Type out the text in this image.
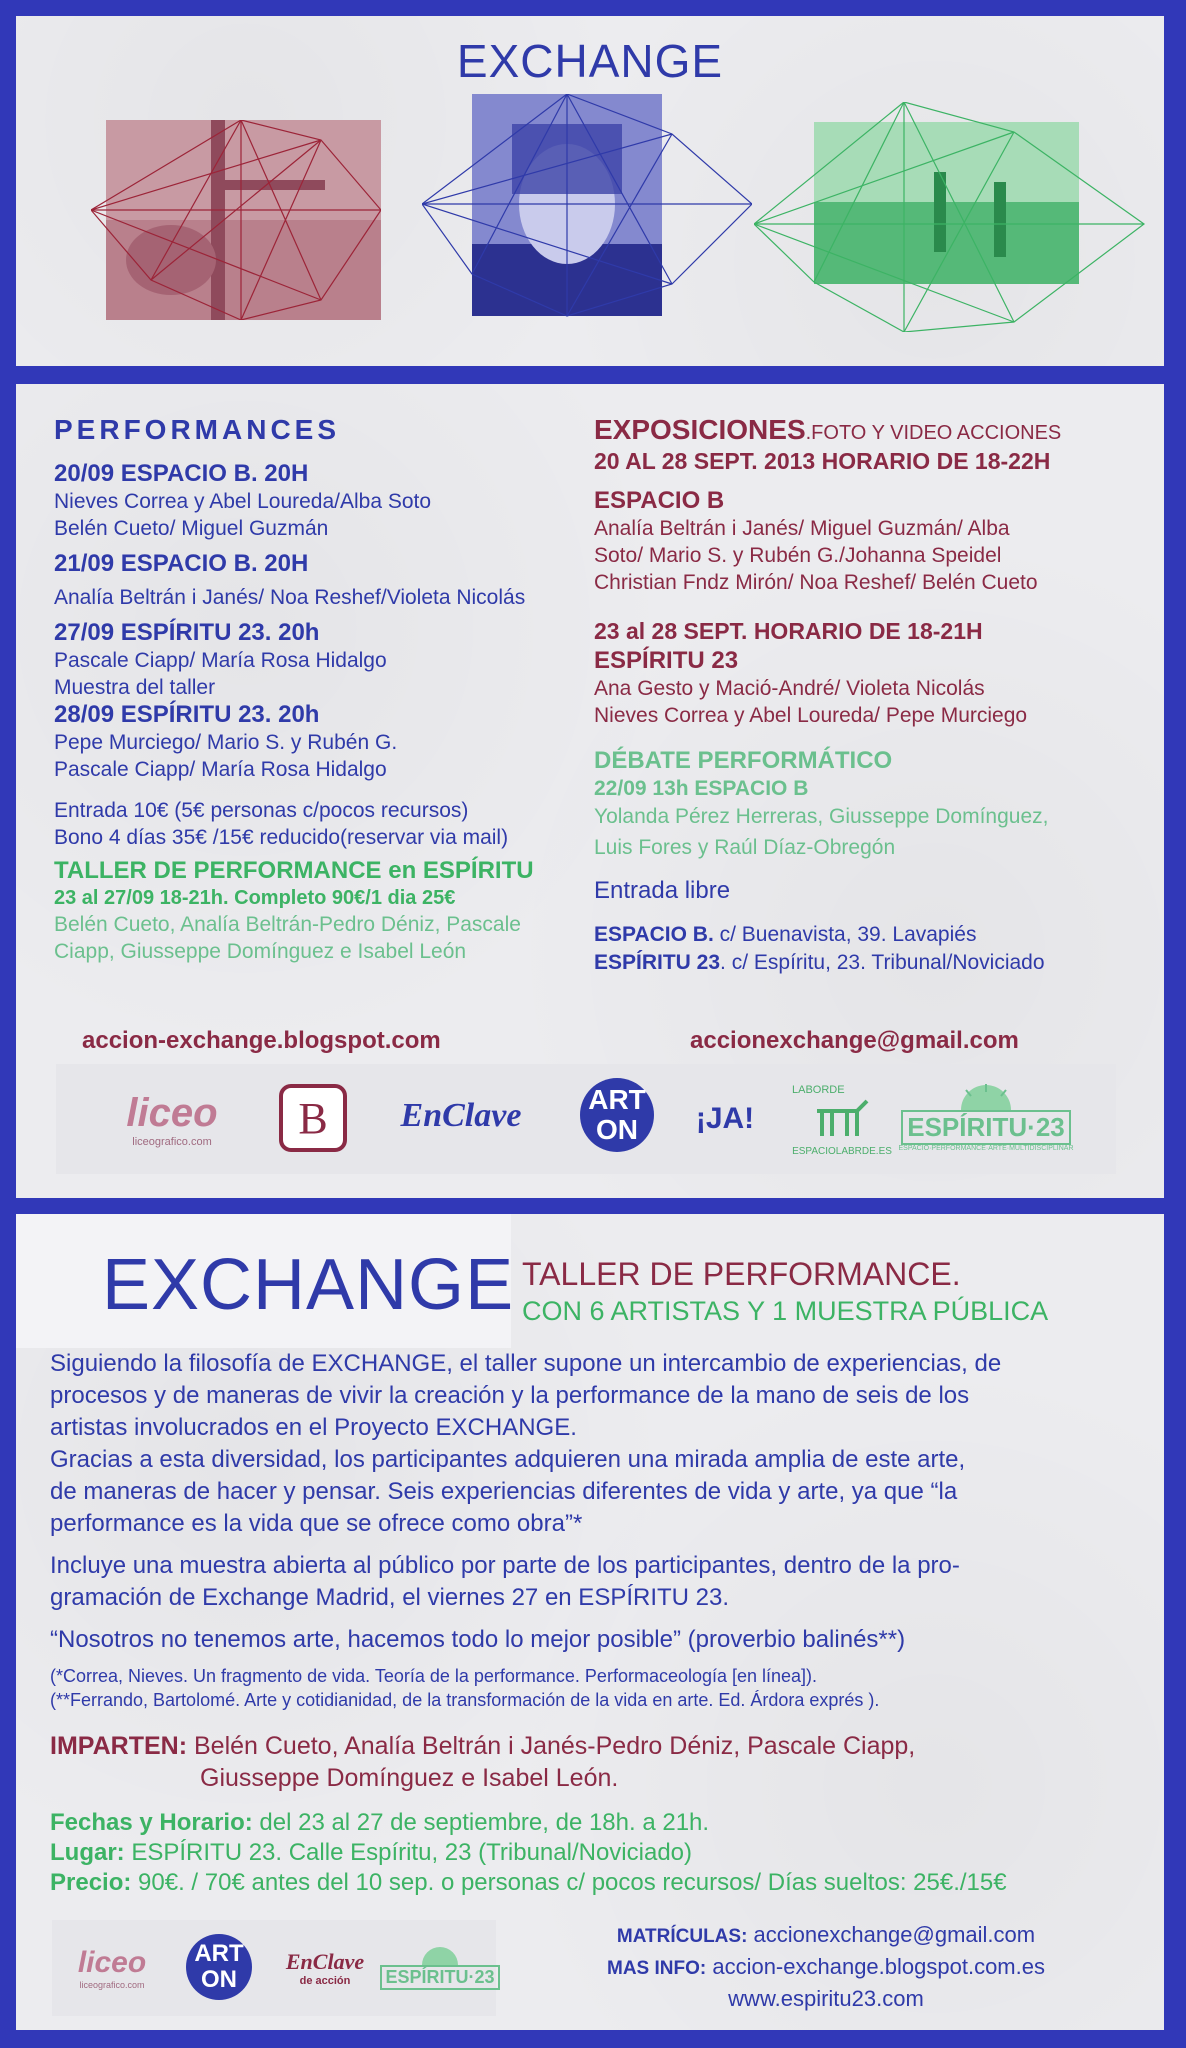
EXCHANGE
PERFORMANCES
20/09 ESPACIO B. 20H
Nieves Correa y Abel Loureda/Alba Soto
Belén Cueto/ Miguel Guzmán
21/09 ESPACIO B. 20H
Analía Beltrán i Janés/ Noa Reshef/Violeta Nicolás
27/09 ESPÍRITU 23. 20h
Pascale Ciapp/ María Rosa Hidalgo
Muestra del taller
28/09 ESPÍRITU 23. 20h
Pepe Murciego/ Mario S. y Rubén G.
Pascale Ciapp/ María Rosa Hidalgo
Entrada 10€ (5€ personas c/pocos recursos)
Bono 4 días 35€ /15€ reducido(reservar via mail)
TALLER DE PERFORMANCE en ESPÍRITU
23 al 27/09 18-21h. Completo 90€/1 dia 25€
Belén Cueto, Analía Beltrán-Pedro Déniz, Pascale
Ciapp, Giusseppe Domínguez e Isabel León
accion-exchange.blogspot.com
EXPOSICIONES.FOTO Y VIDEO ACCIONES
20 AL 28 SEPT. 2013 HORARIO DE 18-22H
ESPACIO B
Analía Beltrán i Janés/ Miguel Guzmán/ Alba
Soto/ Mario S. y Rubén G./Johanna Speidel
Christian Fndz Mirón/ Noa Reshef/ Belén Cueto
23 al 28 SEPT. HORARIO DE 18-21H
ESPÍRITU 23
Ana Gesto y Mació-André/ Violeta Nicolás
Nieves Correa y Abel Loureda/ Pepe Murciego
DÉBATE PERFORMÁTICO
22/09 13h ESPACIO B
Yolanda Pérez Herreras, Giusseppe Domínguez,
Luis Fores y Raúl Díaz-Obregón
Entrada libre
ESPACIO B. c/ Buenavista, 39. Lavapiés
ESPÍRITU 23. c/ Espíritu, 23. Tribunal/Noviciado
accionexchange@gmail.com
liceo
liceografico.com B EnClave ART
ON ¡JA!
LABORDE
ESPACIOLABRDE.ES
ESPÍRITU·23
ESPACIO·PERFORMANCE·ARTE·MULTIDISCIPLINAR
EXCHANGE TALLER DE PERFORMANCE.
CON 6 ARTISTAS Y 1 MUESTRA PÚBLICA
Siguiendo la filosofía de EXCHANGE, el taller supone un intercambio de experiencias, de
procesos y de maneras de vivir la creación y la performance de la mano de seis de los
artistas involucrados en el Proyecto EXCHANGE.
Gracias a esta diversidad, los participantes adquieren una mirada amplia de este arte,
de maneras de hacer y pensar. Seis experiencias diferentes de vida y arte, ya que “la
performance es la vida que se ofrece como obra”*
Incluye una muestra abierta al público por parte de los participantes, dentro de la pro-
gramación de Exchange Madrid, el viernes 27 en ESPÍRITU 23.
“Nosotros no tenemos arte, hacemos todo lo mejor posible” (proverbio balinés**)
(*Correa, Nieves. Un fragmento de vida. Teoría de la performance. Performaceología [en línea]).
(**Ferrando, Bartolomé. Arte y cotidianidad, de la transformación de la vida en arte. Ed. Árdora exprés ).
IMPARTEN: Belén Cueto, Analía Beltrán i Janés-Pedro Déniz, Pascale Ciapp,
Giusseppe Domínguez e Isabel León.
Fechas y Horario: del 23 al 27 de septiembre, de 18h. a 21h.
Lugar: ESPÍRITU 23. Calle Espíritu, 23 (Tribunal/Noviciado)
Precio: 90€. / 70€ antes del 10 sep. o personas c/ pocos recursos/ Días sueltos: 25€./15€
liceo
liceografico.com
ART
ON
EnClave
de acción ESPÍRITU·23
MATRÍCULAS: accionexchange@gmail.com
MAS INFO: accion-exchange.blogspot.com.es
www.espiritu23.com
